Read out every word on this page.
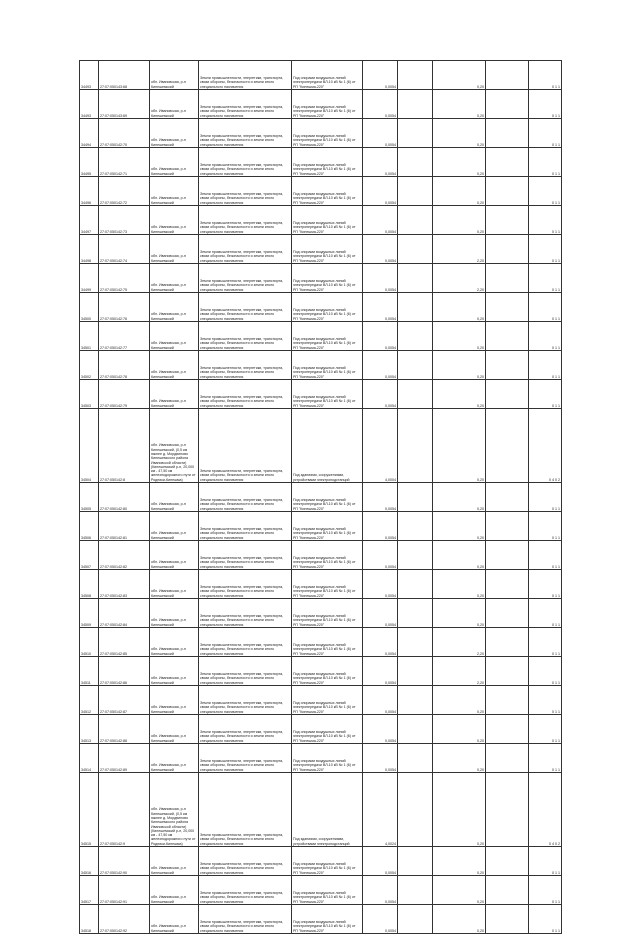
34493	27:07:050143:68	обл. Ивановская, р-н Кинешемский	Земли промышленности, энергетики, транспорта, связи обороны, безопасности и земли иного специального назначения	Под опорами воздушных линий электропередачи ВЛ-10 кВ № 1 (6) от РП "Кинешма-220"	0,0054		0,20		0 1 1
34493	27:07:050143:69	обл. Ивановская, р-н Кинешемский	Земли промышленности, энергетики, транспорта, связи обороны, безопасности и земли иного специального назначения	Под опорами воздушных линий электропередачи ВЛ-10 кВ № 1 (6) от РП "Кинешма-220"	0,0054		0,20		0 1 1
34494	27:07:050142:70	обл. Ивановская, р-н Кинешемский	Земли промышленности, энергетики, транспорта, связи обороны, безопасности и земли иного специального назначения	Под опорами воздушных линий электропередачи ВЛ-10 кВ № 1 (6) от РП "Кинешма-220"	0,0054		0,20		0 1 1
34495	27:07:050142:71	обл. Ивановская, р-н Кинешемский	Земли промышленности, энергетики, транспорта, связи обороны, безопасности и земли иного специального назначения	Под опорами воздушных линий электропередачи ВЛ-10 кВ № 1 (6) от РП "Кинешма-220"	0,0054		0,20		0 1 1
34496	27:07:050142:72	обл. Ивановская, р-н Кинешемский	Земли промышленности, энергетики, транспорта, связи обороны, безопасности и земли иного специального назначения	Под опорами воздушных линий электропередачи ВЛ-10 кВ № 1 (6) от РП "Кинешма-220"	0,0054		0,20		0 1 1
34497	27:07:050142:73	обл. Ивановская, р-н Кинешемский	Земли промышленности, энергетики, транспорта, связи обороны, безопасности и земли иного специального назначения	Под опорами воздушных линий электропередачи ВЛ-10 кВ № 1 (6) от РП "Кинешма-220"	0,0054		0,20		0 1 1
34498	27:07:050142:74	обл. Ивановская, р-н Кинешемский	Земли промышленности, энергетики, транспорта, связи обороны, безопасности и земли иного специального назначения	Под опорами воздушных линий электропередачи ВЛ-10 кВ № 1 (6) от РП "Кинешма-220"	0,0054		2,20		0 1 1
34499	27:07:050142:75	обл. Ивановская, р-н Кинешемский	Земли промышленности, энергетики, транспорта, связи обороны, безопасности и земли иного специального назначения	Под опорами воздушных линий электропередачи ВЛ-10 кВ № 1 (6) от РП "Кинешма-220"	0,0054		2,20		0 1 1
34500	27:07:050142:76	обл. Ивановская, р-н Кинешемский	Земли промышленности, энергетики, транспорта, связи обороны, безопасности и земли иного специального назначения	Под опорами воздушных линий электропередачи ВЛ-10 кВ № 1 (6) от РП "Кинешма-220"	0,0054		0,20		0 1 1
34501	27:07:050142:77	обл. Ивановская, р-н Кинешемский	Земли промышленности, энергетики, транспорта, связи обороны, безопасности и земли иного специального назначения	Под опорами воздушных линий электропередачи ВЛ-10 кВ № 1 (6) от РП "Кинешма-220"	0,0054		0,20		0 1 1
34502	27:07:050142:78	обл. Ивановская, р-н Кинешемский	Земли промышленности, энергетики, транспорта, связи обороны, безопасности и земли иного специального назначения	Под опорами воздушных линий электропередачи ВЛ-10 кВ № 1 (6) от РП "Кинешма-220"	0,0054		0,20		0 1 1
34503	27:07:050142:79	обл. Ивановская, р-н Кинешемский	Земли промышленности, энергетики, транспорта, связи обороны, безопасности и земли иного специального назначения	Под опорами воздушных линий электропередачи ВЛ-10 кВ № 1 (6) от РП "Кинешма-220"	0,0054		0,20		0 1 1
34504	27:07:050142:8	обл. Ивановская, р-н Кинешемский, (0,5 км южнее д. Мордвиново Кинешемского района Ивановской области) (Кинешемский р-н, 20,000 км - 47,50 км железнодорожного пути от Родники-Кинешма)	Земли промышленности, энергетики, транспорта, связи обороны, безопасности и земли иного специального назначения	Под зданиями, сооружениями, устройствами электроподстанций	4,0004		0,20		0 4 0 2
34505	27:07:050142:80	обл. Ивановская, р-н Кинешемский	Земли промышленности, энергетики, транспорта, связи обороны, безопасности и земли иного специального назначения	Под опорами воздушных линий электропередачи ВЛ-10 кВ № 1 (6) от РП "Кинешма-220"	0,0054		0,20		0 1 1
34506	27:07:050142:81	обл. Ивановская, р-н Кинешемский	Земли промышленности, энергетики, транспорта, связи обороны, безопасности и земли иного специального назначения	Под опорами воздушных линий электропередачи ВЛ-10 кВ № 1 (6) от РП "Кинешма-220"	0,0054		0,20		0 1 1
34507	27:07:050142:82	обл. Ивановская, р-н Кинешемский	Земли промышленности, энергетики, транспорта, связи обороны, безопасности и земли иного специального назначения	Под опорами воздушных линий электропередачи ВЛ-10 кВ № 1 (6) от РП "Кинешма-220"	0,0054		0,20		0 1 1
34508	27:07:050142:83	обл. Ивановская, р-н Кинешемский	Земли промышленности, энергетики, транспорта, связи обороны, безопасности и земли иного специального назначения	Под опорами воздушных линий электропередачи ВЛ-10 кВ № 1 (6) от РП "Кинешма-220"	0,0054		0,20		0 1 1
34509	27:07:050142:84	обл. Ивановская, р-н Кинешемский	Земли промышленности, энергетики, транспорта, связи обороны, безопасности и земли иного специального назначения	Под опорами воздушных линий электропередачи ВЛ-10 кВ № 1 (6) от РП "Кинешма-220"	0,0054		0,20		0 1 1
34510	27:07:050142:85	обл. Ивановская, р-н Кинешемский	Земли промышленности, энергетики, транспорта, связи обороны, безопасности и земли иного специального назначения	Под опорами воздушных линий электропередачи ВЛ-10 кВ № 1 (6) от РП "Кинешма-220"	0,0054		2,20		0 1 1
34511	27:07:050142:86	обл. Ивановская, р-н Кинешемский	Земли промышленности, энергетики, транспорта, связи обороны, безопасности и земли иного специального назначения	Под опорами воздушных линий электропередачи ВЛ-10 кВ № 1 (6) от РП "Кинешма-220"	0,0054		2,20		0 1 1
34512	27:07:050142:87	обл. Ивановская, р-н Кинешемский	Земли промышленности, энергетики, транспорта, связи обороны, безопасности и земли иного специального назначения	Под опорами воздушных линий электропередачи ВЛ-10 кВ № 1 (6) от РП "Кинешма-220"	0,0054		0,20		0 1 1
34513	27:07:050142:88	обл. Ивановская, р-н Кинешемский	Земли промышленности, энергетики, транспорта, связи обороны, безопасности и земли иного специального назначения	Под опорами воздушных линий электропередачи ВЛ-10 кВ № 1 (6) от РП "Кинешма-220"	0,0054		0,20		0 1 1
34514	27:07:050142:89	обл. Ивановская, р-н Кинешемский	Земли промышленности, энергетики, транспорта, связи обороны, безопасности и земли иного специального назначения	Под опорами воздушных линий электропередачи ВЛ-10 кВ № 1 (6) от РП "Кинешма-220"	0,0054		0,20		0 1 1
34515	27:07:050142:9	обл. Ивановская, р-н Кинешемский, (0,5 км южнее д. Мордвиново Кинешемского района Ивановской области) (Кинешемский р-н, 20,000 км - 47,50 км железнодорожного пути от Родники-Кинешма)	Земли промышленности, энергетики, транспорта, связи обороны, безопасности и земли иного специального назначения	Под зданиями, сооружениями, устройствами электроподстанций	4,0024		0,20		0 4 0 2
34516	27:07:050142:90	обл. Ивановская, р-н Кинешемский	Земли промышленности, энергетики, транспорта, связи обороны, безопасности и земли иного специального назначения	Под опорами воздушных линий электропередачи ВЛ-10 кВ № 1 (6) от РП "Кинешма-220"	0,0054		0,20		0 1 1
34517	27:07:050142:91	обл. Ивановская, р-н Кинешемский	Земли промышленности, энергетики, транспорта, связи обороны, безопасности и земли иного специального назначения	Под опорами воздушных линий электропередачи ВЛ-10 кВ № 1 (6) от РП "Кинешма-220"	0,0054		0,20		0 1 1
34518	27:07:050142:92	обл. Ивановская, р-н Кинешемский	Земли промышленности, энергетики, транспорта, связи обороны, безопасности и земли иного специального назначения	Под опорами воздушных линий электропередачи ВЛ-10 кВ № 1 (6) от РП "Кинешма-220"	0,0054		0,20		0 1 1
